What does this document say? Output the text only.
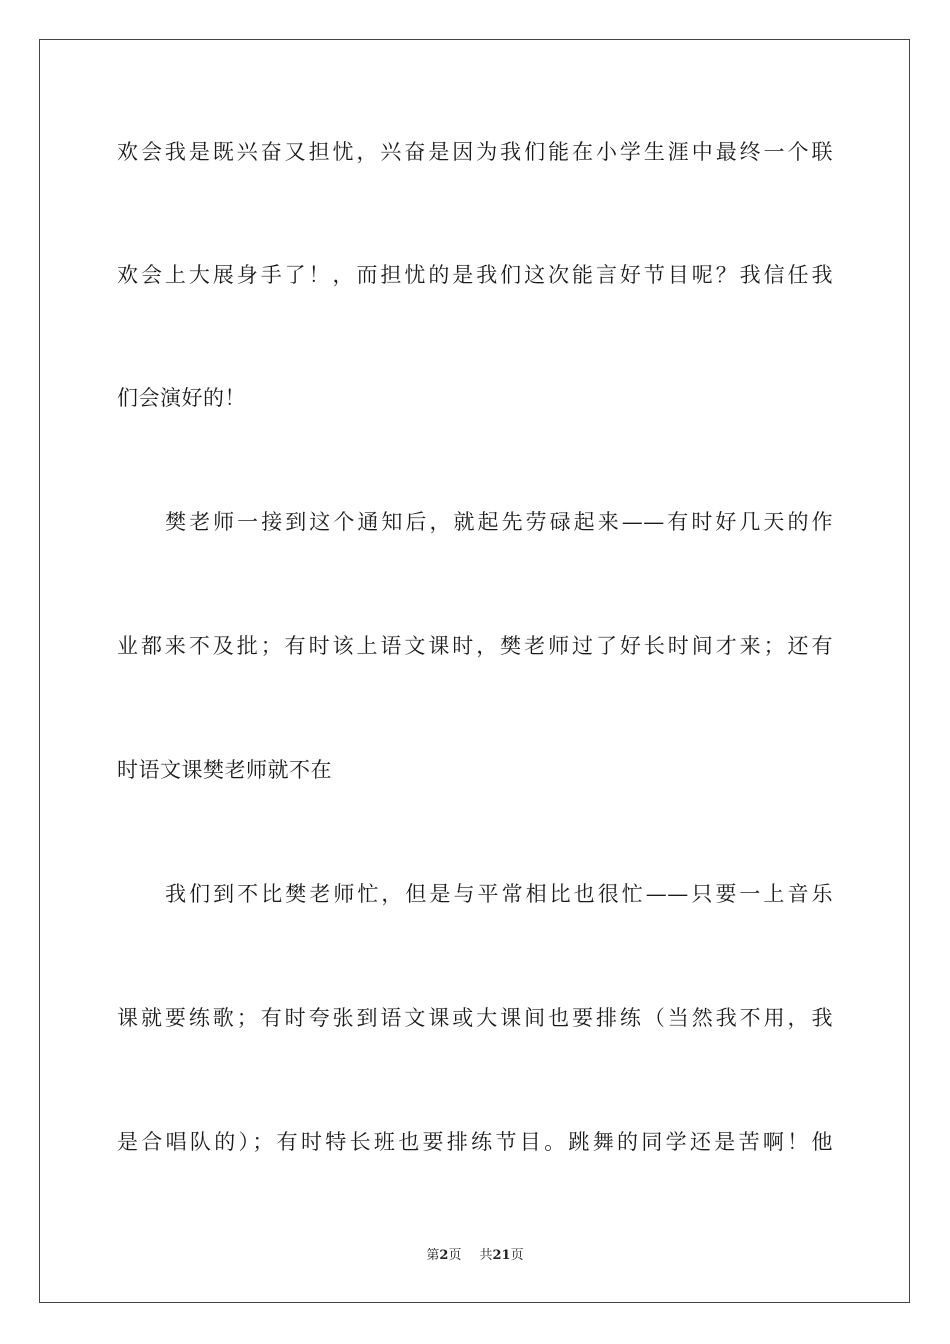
欢会我是既兴奋又担忧，兴奋是因为我们能在小学生涯中最终一个联
欢会上大展身手了！，而担忧的是我们这次能言好节目呢？我信任我
们会演好的！
　　樊老师一接到这个通知后，就起先劳碌起来——有时好几天的作
业都来不及批；有时该上语文课时，樊老师过了好长时间才来；还有
时语文课樊老师就不在
　　我们到不比樊老师忙，但是与平常相比也很忙——只要一上音乐
课就要练歌；有时夸张到语文课或大课间也要排练（当然我不用，我
是合唱队的）；有时特长班也要排练节目。跳舞的同学还是苦啊！他
第2页 共21页
